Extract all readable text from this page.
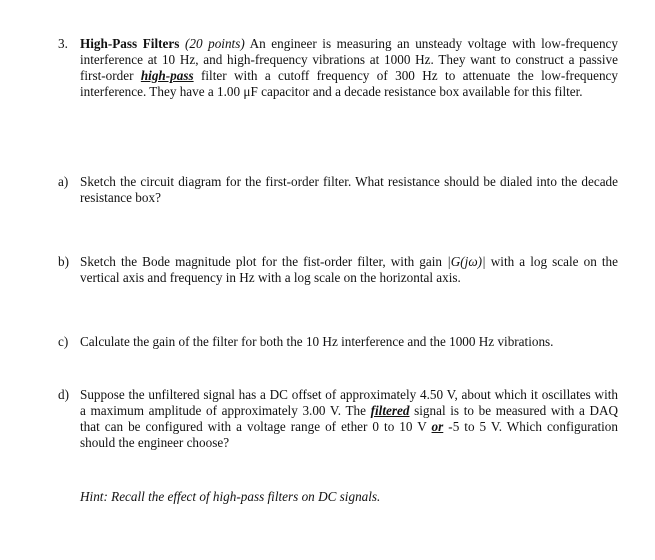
3. High-Pass Filters (20 points) An engineer is measuring an unsteady voltage with low-frequency interference at 10 Hz, and high-frequency vibrations at 1000 Hz. They want to construct a passive first-order high-pass filter with a cutoff frequency of 300 Hz to attenuate the low-frequency interference. They have a 1.00 μF capacitor and a decade resistance box available for this filter.
a) Sketch the circuit diagram for the first-order filter. What resistance should be dialed into the decade resistance box?
b) Sketch the Bode magnitude plot for the fist-order filter, with gain |G(jω)| with a log scale on the vertical axis and frequency in Hz with a log scale on the horizontal axis.
c) Calculate the gain of the filter for both the 10 Hz interference and the 1000 Hz vibrations.
d) Suppose the unfiltered signal has a DC offset of approximately 4.50 V, about which it oscillates with a maximum amplitude of approximately 3.00 V. The filtered signal is to be measured with a DAQ that can be configured with a voltage range of ether 0 to 10 V or -5 to 5 V. Which configuration should the engineer choose?
Hint: Recall the effect of high-pass filters on DC signals.
